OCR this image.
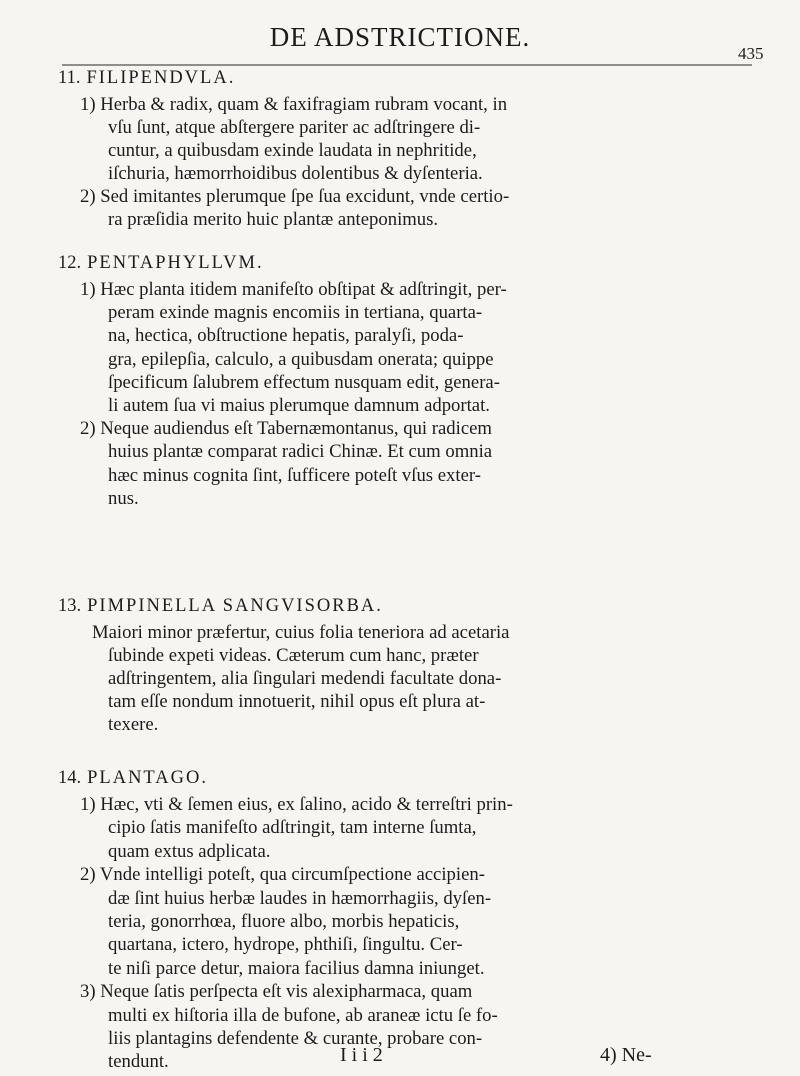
DE ADSTRICTIONE.
435
11. FILIPENDVLA.
1) Herba & radix, quam & faxifragiam rubram vocant, in
vſu ſunt, atque abſtergere pariter ac adſtringere di-
cuntur, a quibusdam exinde laudata in nephritide,
iſchuria, hæmorrhoidibus dolentibus & dyſenteria.
2) Sed imitantes plerumque ſpe ſua excidunt, vnde certio-
ra præſidia merito huic plantæ anteponimus.
12. PENTAPHYLLVM.
1) Hæc planta itidem manifeſto obſtipat & adſtringit, per-
peram exinde magnis encomiis in tertiana, quarta-
na, hectica, obſtructione hepatis, paralyſi, poda-
gra, epilepſia, calculo, a quibusdam onerata; quippe
ſpecificum ſalubrem effectum nusquam edit, genera-
li autem ſua vi maius plerumque damnum adportat.
2) Neque audiendus eſt Tabernæmontanus, qui radicem
huius plantæ comparat radici Chinæ. Et cum omnia
hæc minus cognita ſint, ſufficere poteſt vſus exter-
nus.
13. PIMPINELLA SANGVISORBA.
Maiori minor præfertur, cuius folia teneriora ad acetaria
ſubinde expeti videas. Cæterum cum hanc, præter
adſtringentem, alia ſingulari medendi facultate dona-
tam eſſe nondum innotuerit, nihil opus eſt plura at-
texere.
14. PLANTAGO.
1) Hæc, vti & ſemen eius, ex ſalino, acido & terreſtri prin-
cipio ſatis manifeſto adſtringit, tam interne ſumta,
quam extus adplicata.
2) Vnde intelligi poteſt, qua circumſpectione accipien-
dæ ſint huius herbæ laudes in hæmorrhagiis, dyſen-
teria, gonorrhœa, fluore albo, morbis hepaticis,
quartana, ictero, hydrope, phthiſi, ſingultu. Cer-
te niſi parce detur, maiora facilius damna iniunget.
3) Neque ſatis perſpecta eſt vis alexipharmaca, quam
multi ex hiſtoria illa de bufone, ab araneæ ictu ſe fo-
liis plantagins defendente & curante, probare con-
tendunt.	I i i 2	4) Ne-
